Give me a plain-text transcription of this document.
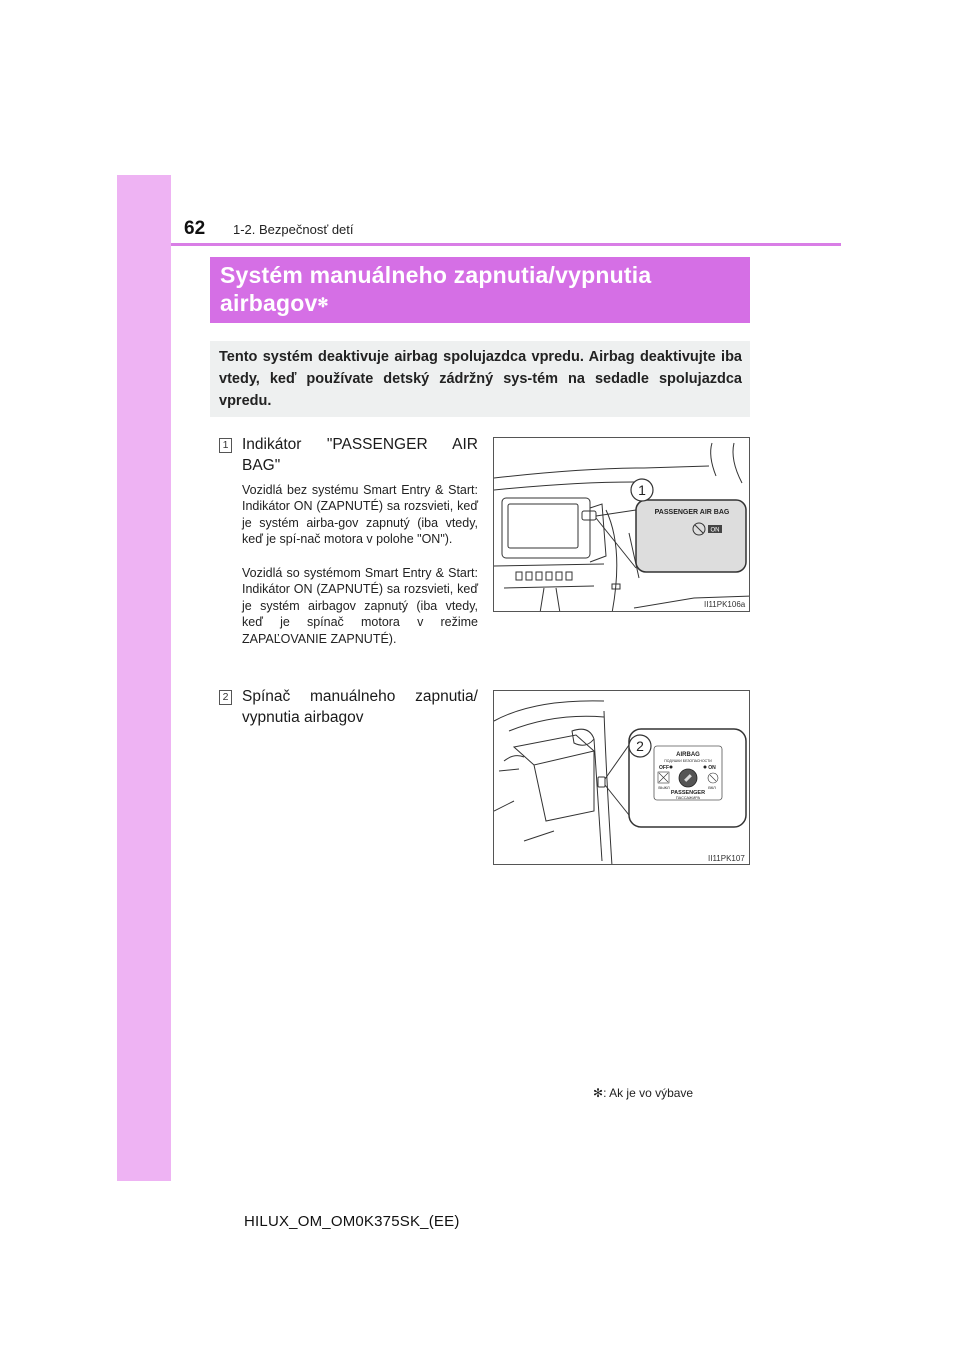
62 1-2. Bezpečnosť detí
Systém manuálneho zapnutia/vypnutia
airbagov✻
Tento systém deaktivuje airbag spolujazdca vpredu. Airbag deaktivujte iba vtedy, keď používate detský zádržný sys-tém na sedadle spolujazdca vpredu.
1 Indikátor "PASSENGER AIR BAG"
Vozidlá bez systému Smart Entry & Start: Indikátor ON (ZAPNUTÉ) sa rozsvieti, keď je systém airba-gov zapnutý (iba vtedy, keď je spí-nač motora v polohe "ON").
Vozidlá so systémom Smart Entry & Start: Indikátor ON (ZAPNUTÉ) sa rozsvieti, keď je systém airbagov zapnutý (iba vtedy, keď je spínač motora v režime ZAPAĽOVANIE ZAPNUTÉ).
2 Spínač manuálneho zapnutia/ vypnutia airbagov
1
PASSENGER AIR BAG
ON
II11PK106a
2
AIRBAG
ПОДУШКИ БЕЗОПАСНОСТИ
OFF	ON
ВЫКЛ	ВКЛ
PASSENGER
ПАССАЖИРА
II11PK107
✻: Ak je vo výbave
HILUX_OM_OM0K375SK_(EE)
